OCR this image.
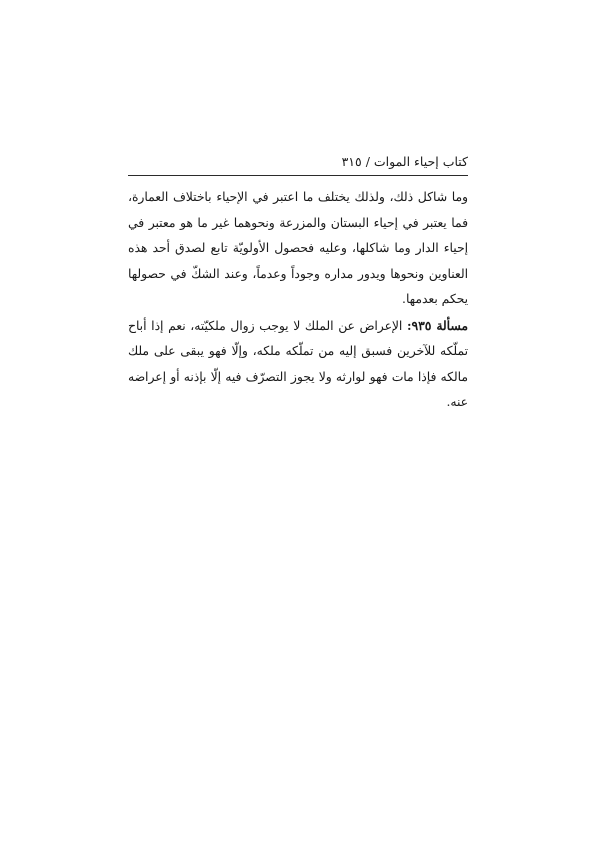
كتاب إحياء الموات / ٣١٥

وما شاكل ذلك، ولذلك يختلف ما اعتبر في الإحياء باختلاف العمارة، فما يعتبر في إحياء البستان والمزرعة ونحوهما غير ما هو معتبر في إحياء الدار وما شاكلها، وعليه فحصول الأولويّة تابع لصدق أحد هذه العناوين ونحوها ويدور مداره وجوداً وعدماً، وعند الشكّ في حصولها يحكم بعدمها.

مسألة ٩٣٥: الإعراض عن الملك لا يوجب زوال ملكيّته، نعم إذا أباح تملّكه للآخرين فسبق إليه من تملّكه ملكه، وإلّا فهو يبقى على ملك مالكه فإذا مات فهو لوارثه ولا يجوز التصرّف فيه إلّا بإذنه أو إعراضه عنه.
